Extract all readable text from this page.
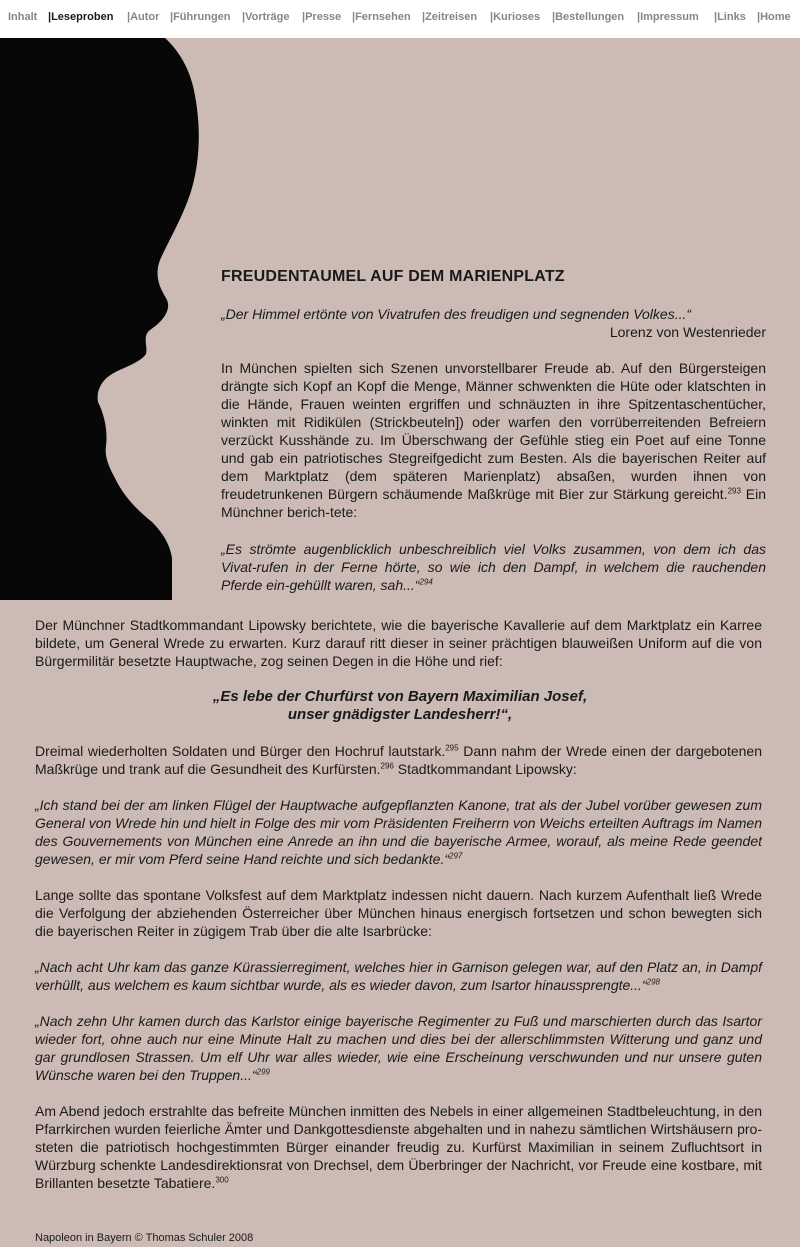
Inhalt |Leseproben |Autor |Führungen |Vorträge |Presse |Fernsehen |Zeitreisen |Kurioses |Bestellungen |Impressum |Links |Home
FREUDENTAUMEL AUF DEM MARIENPLATZ

„Der Himmel ertönte von Vivatrufen des freudigen und segnenden Volkes...“

Lorenz von Westenrieder

In München spielten sich Szenen unvorstellbarer Freude ab. Auf den Bürgersteigen drängte sich Kopf an Kopf die Menge, Männer schwenkten die Hüte oder klatschten in die Hände, Frauen weinten ergriffen und schnäuzten in ihre Spitzentaschentücher, winkten mit Ridikülen (Strickbeuteln]) oder warfen den vorrüberreitenden Befreiern verzückt Kusshände zu. Im Überschwang der Gefühle stieg ein Poet auf eine Tonne und gab ein patriotisches Stegreifgedicht zum Besten. Als die bayerischen Reiter auf dem Marktplatz (dem späteren Marienplatz) absaßen, wurden ihnen von freudetrunkenen Bürgern schäumende Maßkrüge mit Bier zur Stärkung gereicht.$^{293}$ Ein Münchner berich-tete:

„Es strömte augenblicklich unbeschreiblich viel Volks zusammen, von dem ich das Vivat-rufen in der Ferne hörte, so wie ich den Dampf, in welchem die rauchenden Pferde ein-gehüllt waren, sah...“$^{294}$

Der Münchner Stadtkommandant Lipowsky berichtete, wie die bayerische Kavallerie auf dem Marktplatz ein Karree bildete, um General Wrede zu erwarten. Kurz darauf ritt dieser in seiner prächtigen blauweißen Uniform auf die von Bürgermilitär besetzte Hauptwache, zog seinen Degen in die Höhe und rief:

„Es lebe der Churfürst von Bayern Maximilian Josef,

unser gnädigster Landesherr!“,

Dreimal wiederholten Soldaten und Bürger den Hochruf lautstark.$^{295}$ Dann nahm der Wrede einen der dargebotenen Maßkrüge und trank auf die Gesundheit des Kurfürsten.$^{296}$ Stadtkommandant Lipowsky:

„Ich stand bei der am linken Flügel der Hauptwache aufgepflanzten Kanone, trat als der Jubel vorüber gewesen zum General von Wrede hin und hielt in Folge des mir vom Präsidenten Freiherrn von Weichs erteilten Auftrags im Namen des Gouvernements von München eine Anrede an ihn und die bayerische Armee, worauf, als meine Rede geendet gewesen, er mir vom Pferd seine Hand reichte und sich bedankte.“$^{297}$

Lange sollte das spontane Volksfest auf dem Marktplatz indessen nicht dauern. Nach kurzem Aufenthalt ließ Wrede die Verfolgung der abziehenden Österreicher über München hinaus energisch fortsetzen und schon bewegten sich die bayerischen Reiter in zügigem Trab über die alte Isarbrücke:

„Nach acht Uhr kam das ganze Kürassierregiment, welches hier in Garnison gelegen war, auf den Platz an, in Dampf verhüllt, aus welchem es kaum sichtbar wurde, als es wieder davon, zum Isartor hinaussprengte...“$^{298}$

„Nach zehn Uhr kamen durch das Karlstor einige bayerische Regimenter zu Fuß und marschierten durch das Isartor wieder fort, ohne auch nur eine Minute Halt zu machen und dies bei der allerschlimmsten Witterung und ganz und gar grundlosen Strassen. Um elf Uhr war alles wieder, wie eine Erscheinung verschwunden und nur unsere guten Wünsche waren bei den Truppen...“$^{299}$

Am Abend jedoch erstrahlte das befreite München inmitten des Nebels in einer allgemeinen Stadtbeleuchtung, in den Pfarrkirchen wurden feierliche Ämter und Dankgottesdienste abgehalten und in nahezu sämtlichen Wirtshäusern pro-steten die patriotisch hochgestimmten Bürger einander freudig zu. Kurfürst Maximilian in seinem Zufluchtsort in Würzburg schenkte Landesdirektionsrat von Drechsel, dem Überbringer der Nachricht, vor Freude eine kostbare, mit Brillanten besetzte Tabatiere.$^{300}$

Napoleon in Bayern © Thomas Schuler 2008
